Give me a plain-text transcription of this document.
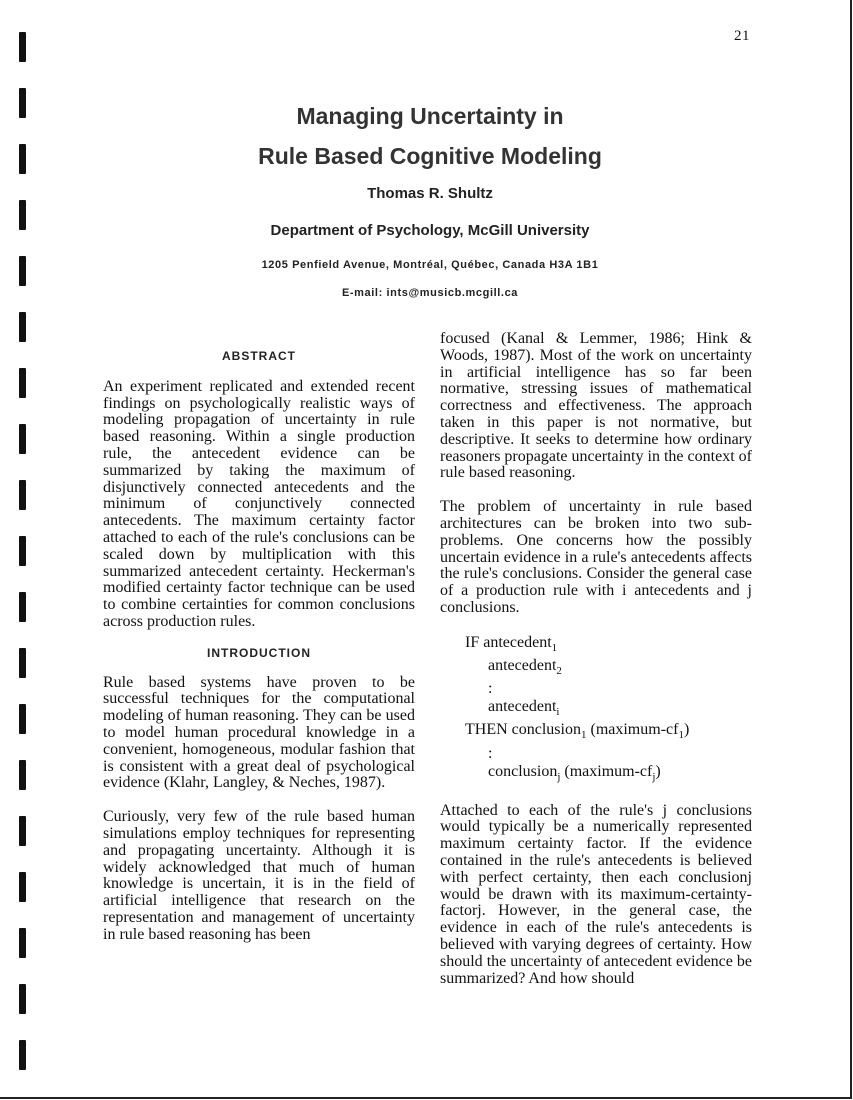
21
Managing Uncertainty in
Rule Based Cognitive Modeling
Thomas R. Shultz
Department of Psychology, McGill University
1205 Penfield Avenue, Montréal, Québec, Canada H3A 1B1
E-mail: ints@musicb.mcgill.ca
ABSTRACT

An experiment replicated and extended recent findings on psychologically realistic ways of modeling propagation of uncertainty in rule based reasoning. Within a single production rule, the antecedent evidence can be summarized by taking the maximum of disjunctively connected antecedents and the minimum of conjunctively connected antecedents. The maximum certainty factor attached to each of the rule's conclusions can be scaled down by multiplication with this summarized antecedent certainty. Heckerman's modified certainty factor technique can be used to combine certainties for common conclusions across production rules.

INTRODUCTION

Rule based systems have proven to be successful techniques for the computational modeling of human reasoning. They can be used to model human procedural knowledge in a convenient, homogeneous, modular fashion that is consistent with a great deal of psychological evidence (Klahr, Langley, & Neches, 1987).

Curiously, very few of the rule based human simulations employ techniques for representing and propagating uncertainty. Although it is widely acknowledged that much of human knowledge is uncertain, it is in the field of artificial intelligence that research on the representation and management of uncertainty in rule based reasoning has been

focused (Kanal & Lemmer, 1986; Hink & Woods, 1987). Most of the work on uncertainty in artificial intelligence has so far been normative, stressing issues of mathematical correctness and effectiveness. The approach taken in this paper is not normative, but descriptive. It seeks to determine how ordinary reasoners propagate uncertainty in the context of rule based reasoning.

The problem of uncertainty in rule based architectures can be broken into two sub-problems. One concerns how the possibly uncertain evidence in a rule's antecedents affects the rule's conclusions. Consider the general case of a production rule with i antecedents and j conclusions.

IF antecedent$_1$
antecedent$_2$
:
antecedent$_i$
THEN conclusion$_1$ $(maximum-cf_1)$
:
conclusion$_j$ $(maximum-cf_j)$

Attached to each of the rule's j conclusions would typically be a numerically represented maximum certainty factor. If the evidence contained in the rule's antecedents is believed with perfect certainty, then each conclusionj would be drawn with its maximum-certainty-factorj. However, in the general case, the evidence in each of the rule's antecedents is believed with varying degrees of certainty. How should the uncertainty of antecedent evidence be summarized? And how should
